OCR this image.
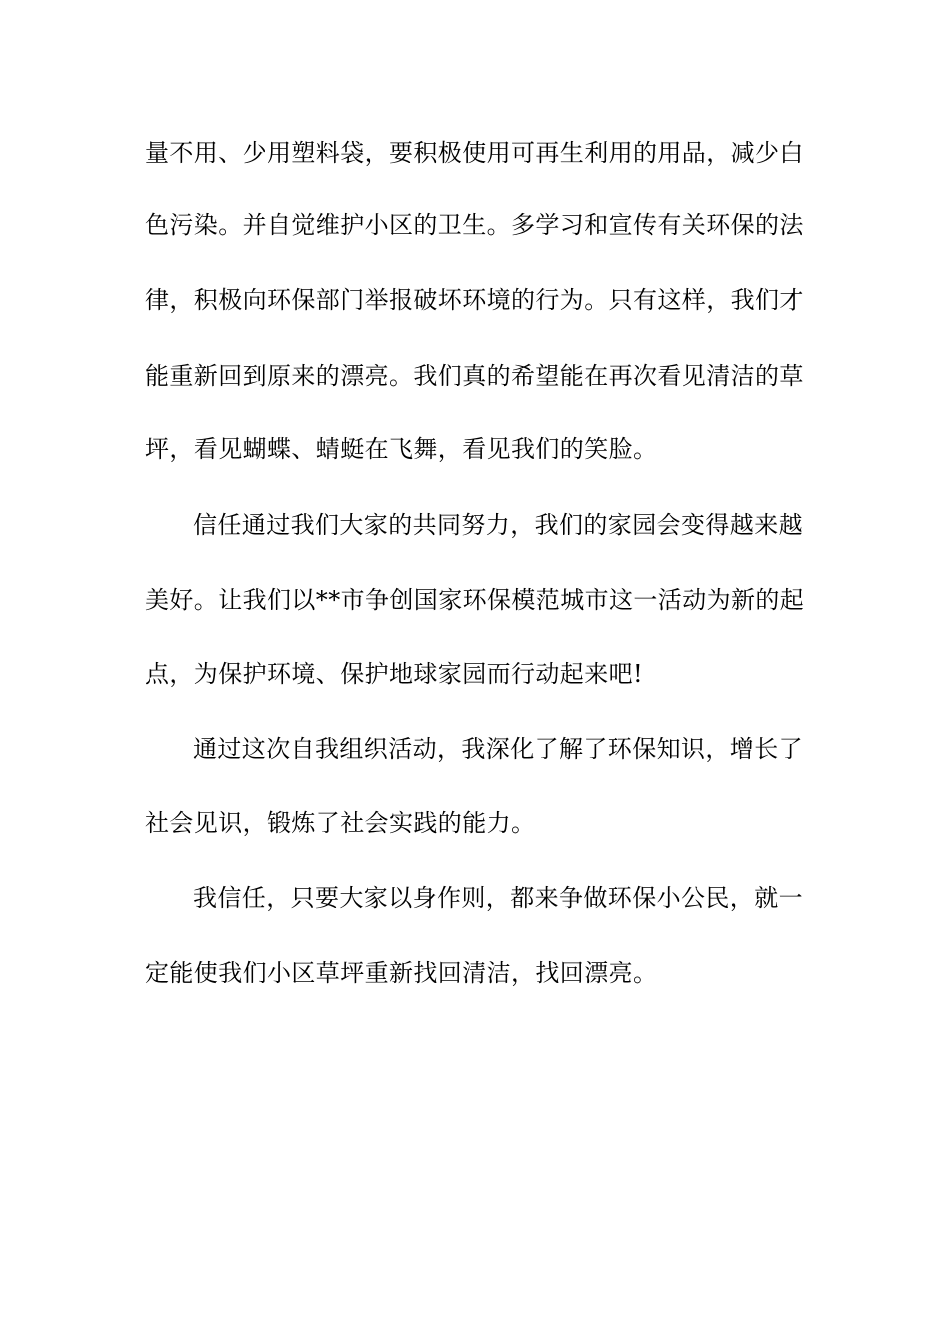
量不用、少用塑料袋，要积极使用可再生利用的用品，减少白
色污染。并自觉维护小区的卫生。多学习和宣传有关环保的法
律，积极向环保部门举报破坏环境的行为。只有这样，我们才
能重新回到原来的漂亮。我们真的希望能在再次看见清洁的草
坪，看见蝴蝶、蜻蜓在飞舞，看见我们的笑脸。
信任通过我们大家的共同努力，我们的家园会变得越来越
美好。让我们以**市争创国家环保模范城市这一活动为新的起
点，为保护环境、保护地球家园而行动起来吧!
通过这次自我组织活动，我深化了解了环保知识，增长了
社会见识，锻炼了社会实践的能力。
我信任，只要大家以身作则，都来争做环保小公民，就一
定能使我们小区草坪重新找回清洁，找回漂亮。
